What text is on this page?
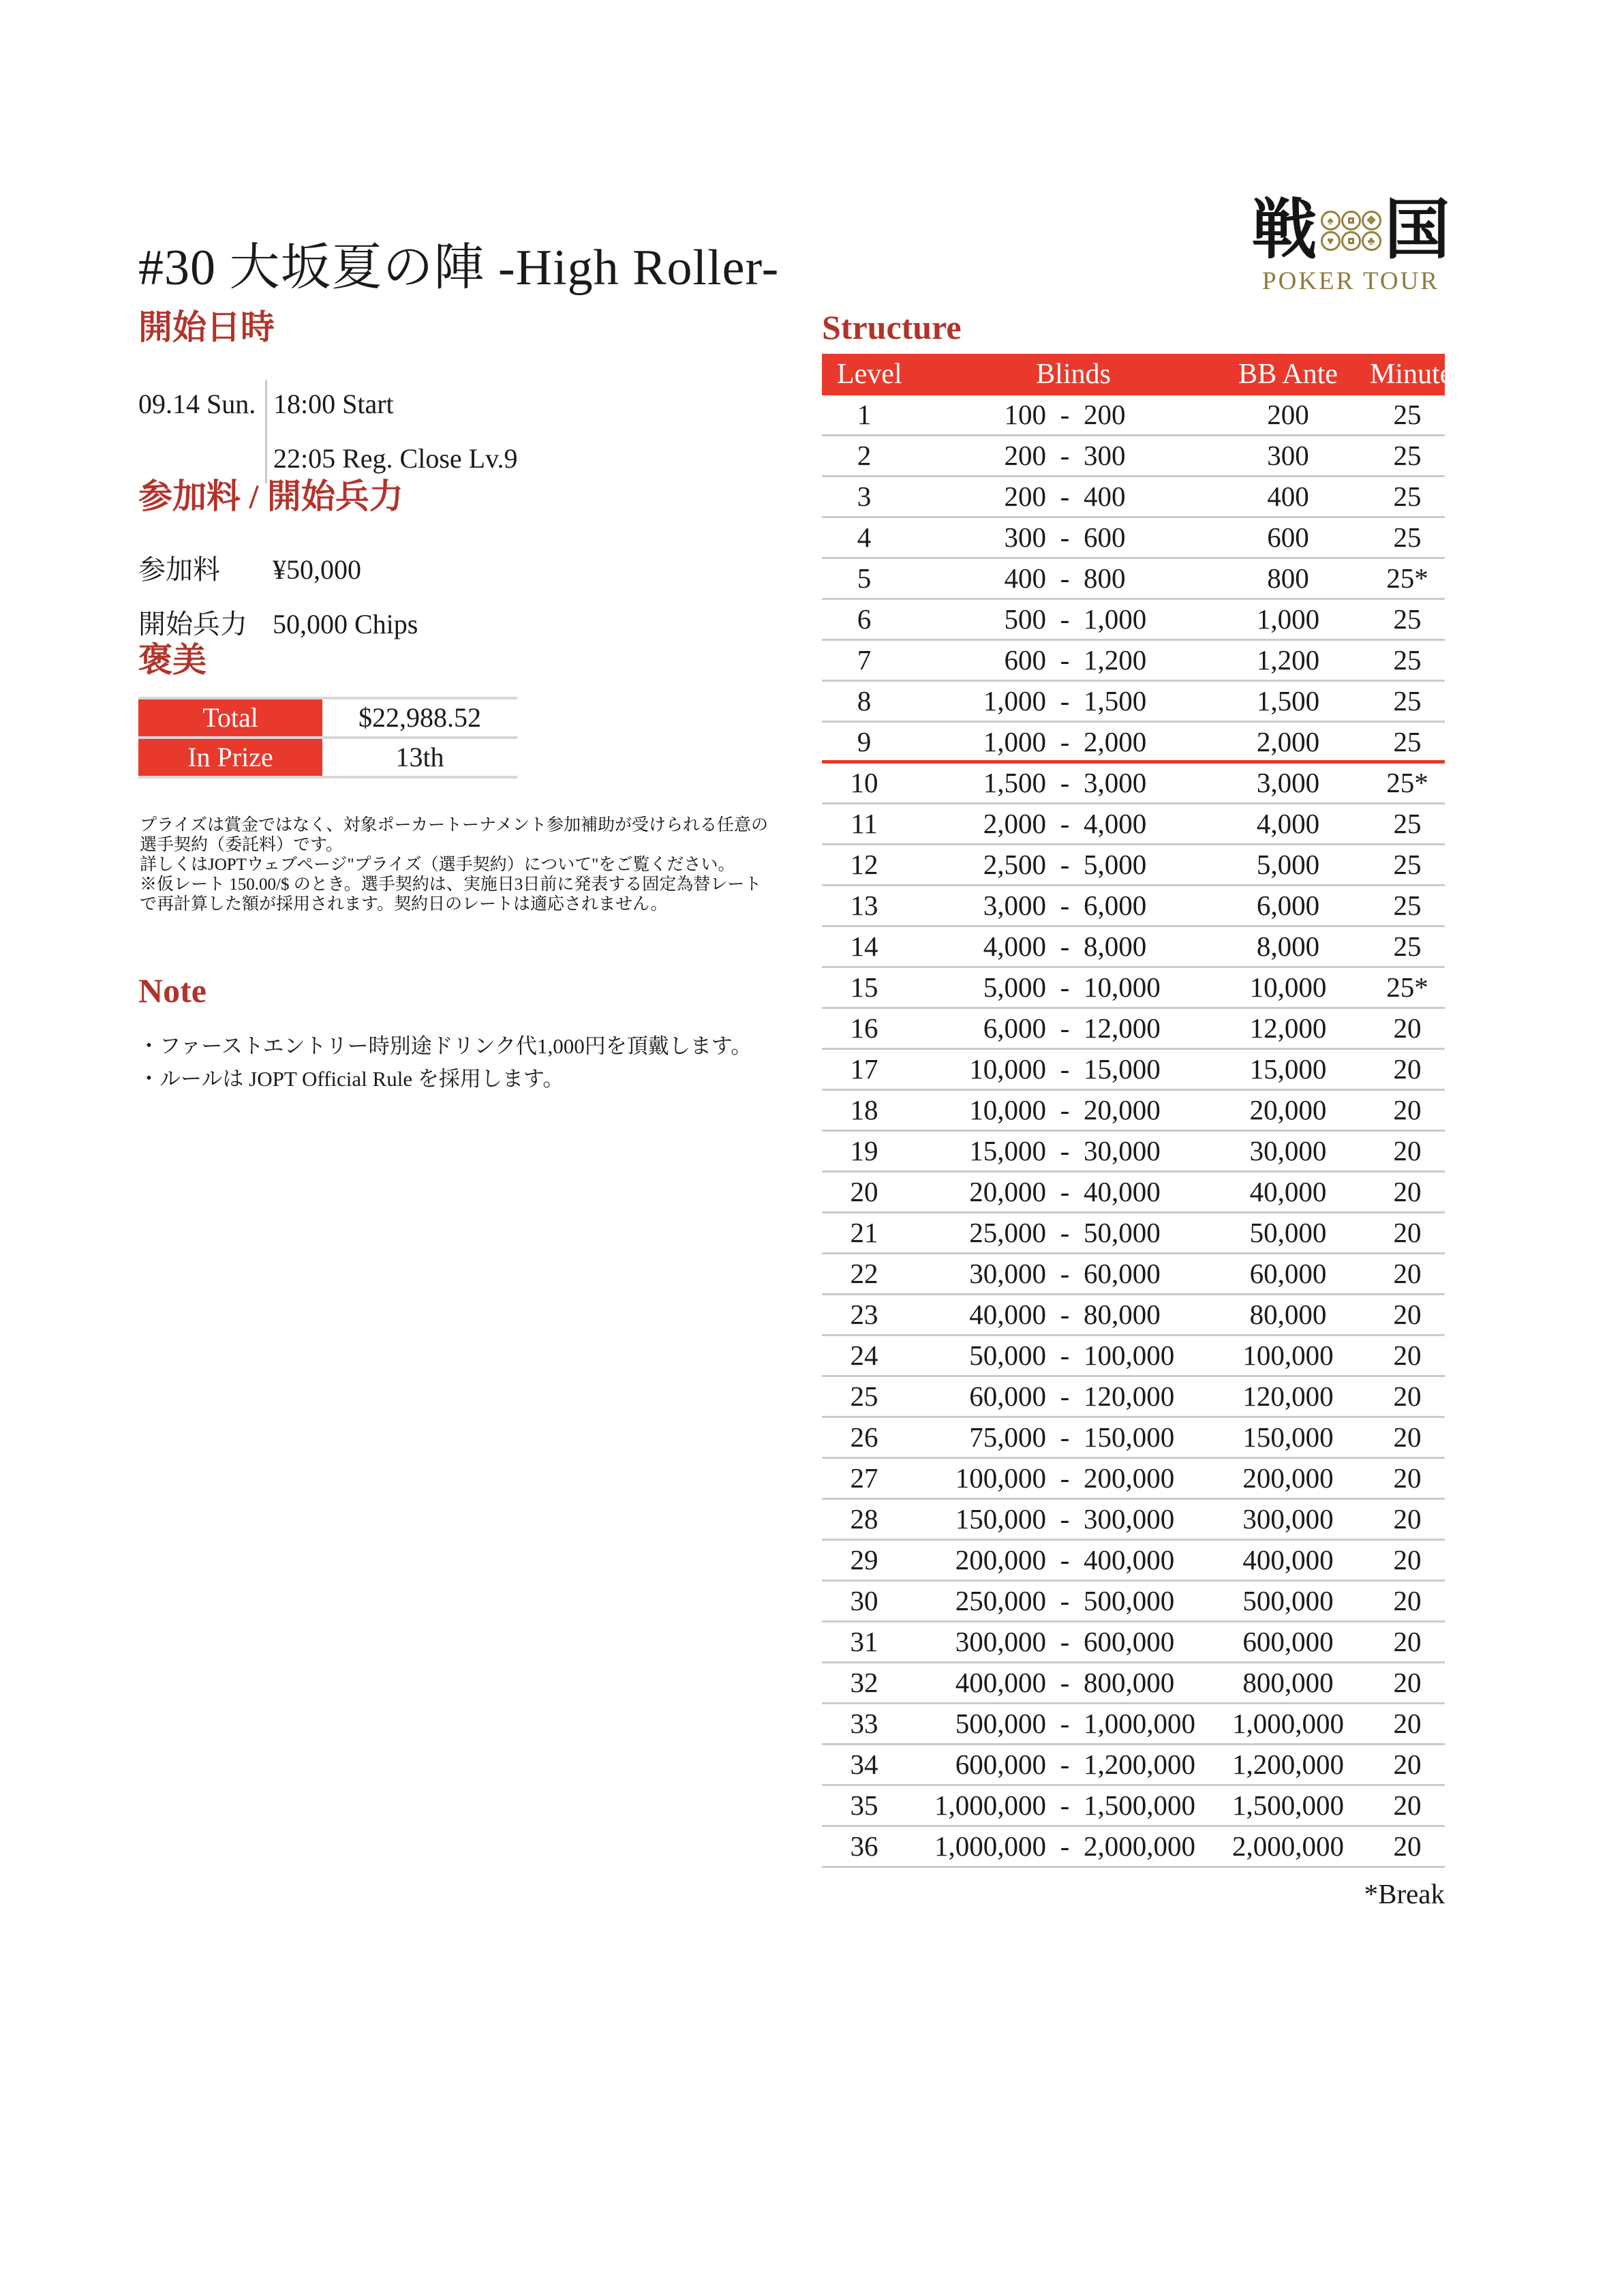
#30 大坂夏の陣 -High Roller-
戦 ♠	❖
♥	♣ 国
POKER TOUR
開始日時
09.14 Sun. 18:00 Start
22:05 Reg. Close Lv.9
参加料 / 開始兵力
参加料	¥50,000
開始兵力 50,000 Chips
褒美
Total	$22,988.52
In Prize	13th
プライズは賞金ではなく、対象ポーカートーナメント参加補助が受けられる任意の
選手契約（委託料）です。
詳しくはJOPTウェブページ"プライズ（選手契約）について"をご覧ください。
※仮レート 150.00/$ のとき。選手契約は、実施日3日前に発表する固定為替レート
で再計算した額が採用されます。契約日のレートは適応されません。
Note
・ファーストエントリー時別途ドリンク代1,000円を頂戴します。
・ルールは JOPT Official Rule を採用します。
Structure
Level	Blinds	BB Ante	Minutes
1	100 - 200	200	25
2	200 - 300	300	25
3	200 - 400	400	25
4	300 - 600	600	25
5	400 - 800	800	25*
6	500 - 1,000	1,000	25
7	600 - 1,200	1,200	25
8	1,000 - 1,500	1,500	25
9	1,000 - 2,000	2,000	25
10	1,500 - 3,000	3,000	25*
11	2,000 - 4,000	4,000	25
12	2,500 - 5,000	5,000	25
13	3,000 - 6,000	6,000	25
14	4,000 - 8,000	8,000	25
15	5,000 - 10,000	10,000	25*
16	6,000 - 12,000	12,000	20
17	10,000 - 15,000	15,000	20
18	10,000 - 20,000	20,000	20
19	15,000 - 30,000	30,000	20
20	20,000 - 40,000	40,000	20
21	25,000 - 50,000	50,000	20
22	30,000 - 60,000	60,000	20
23	40,000 - 80,000	80,000	20
24	50,000 - 100,000	100,000	20
25	60,000 - 120,000	120,000	20
26	75,000 - 150,000	150,000	20
27	100,000 - 200,000	200,000	20
28	150,000 - 300,000	300,000	20
29	200,000 - 400,000	400,000	20
30	250,000 - 500,000	500,000	20
31	300,000 - 600,000	600,000	20
32	400,000 - 800,000	800,000	20
33	500,000 - 1,000,000	1,000,000	20
34	600,000 - 1,200,000	1,200,000	20
35	1,000,000 - 1,500,000	1,500,000	20
36	1,000,000 - 2,000,000	2,000,000	20
*Break
